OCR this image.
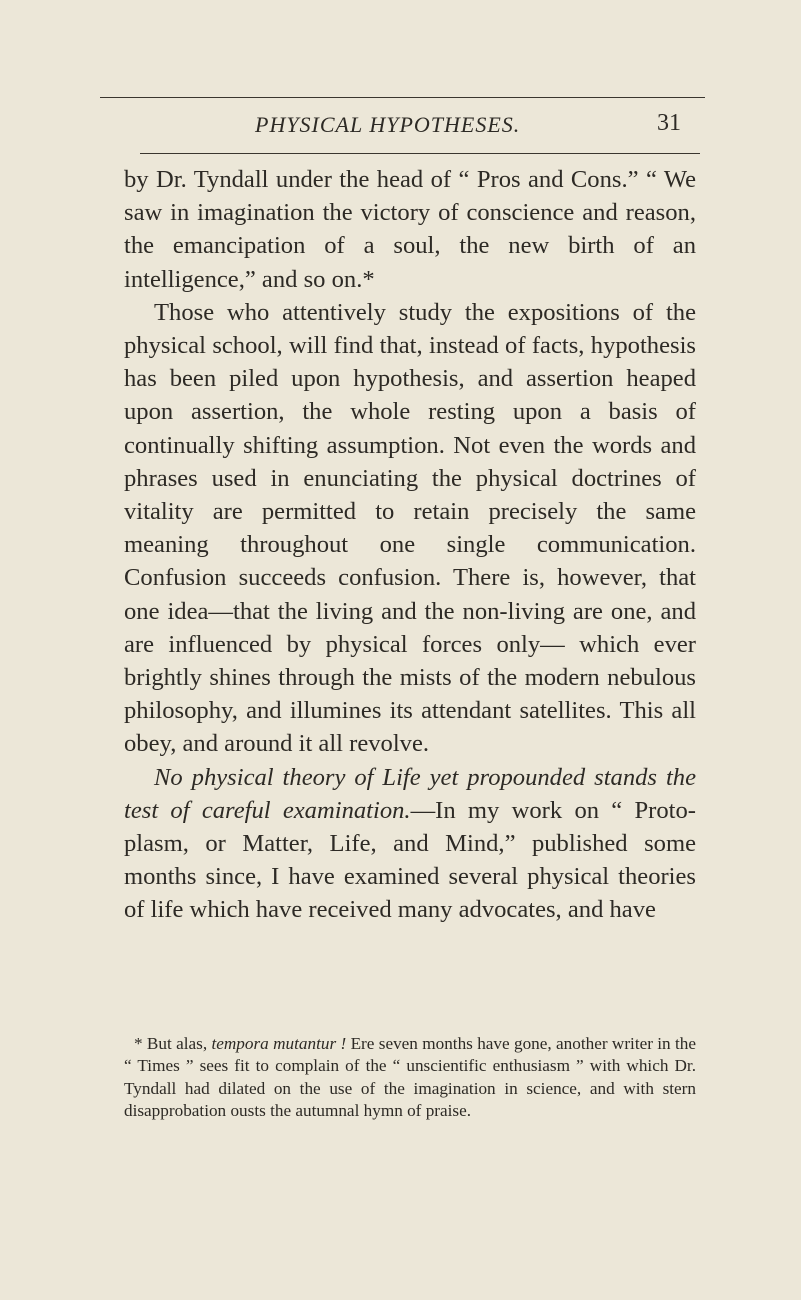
PHYSICAL HYPOTHESES.	31

by Dr. Tyndall under the head of “ Pros and Cons.” “ We saw in imagination the victory of conscience and reason, the emancipation of a soul, the new birth of an intelligence,” and so on.*

Those who attentively study the expositions of the physical school, will find that, instead of facts, hypothesis has been piled upon hypothesis, and assertion heaped upon assertion, the whole resting upon a basis of continually shifting assumption. Not even the words and phrases used in enunciating the physical doctrines of vitality are permitted to retain precisely the same meaning throughout one single communication. Confusion succeeds confusion. There is, however, that one idea—that the living and the non-living are one, and are influenced by physical forces only— which ever brightly shines through the mists of the modern nebulous philosophy, and illumines its attendant satellites. This all obey, and around it all revolve.

No physical theory of Life yet propounded stands the test of careful examination.—In my work on “ Protoplasm, or Matter, Life, and Mind,” published some months since, I have examined several physical theories of life which have received many advocates, and have

* But alas, tempora mutantur ! Ere seven months have gone, another writer in the “ Times ” sees fit to complain of the “ unscientific enthusiasm ” with which Dr. Tyndall had dilated on the use of the imagination in science, and with stern disapprobation ousts the autumnal hymn of praise.
